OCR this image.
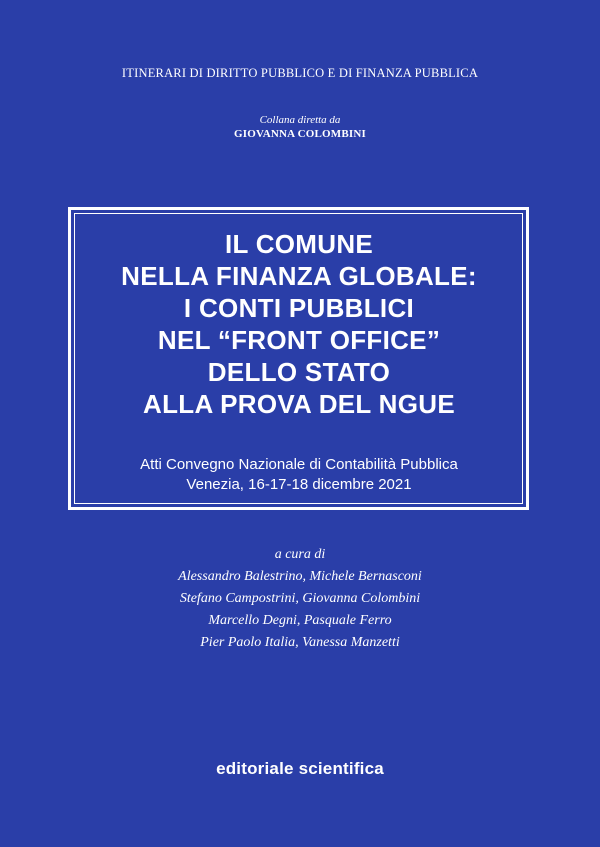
ITINERARI DI DIRITTO PUBBLICO E DI FINANZA PUBBLICA
Collana diretta da
GIOVANNA COLOMBINI
IL COMUNE
NELLA FINANZA GLOBALE:
I CONTI PUBBLICI
NEL “FRONT OFFICE”
DELLO STATO
ALLA PROVA DEL NGUE
Atti Convegno Nazionale di Contabilità Pubblica
Venezia, 16-17-18 dicembre 2021
a cura di
Alessandro Balestrino, Michele Bernasconi
Stefano Campostrini, Giovanna Colombini
Marcello Degni, Pasquale Ferro
Pier Paolo Italia, Vanessa Manzetti
editoriale scientifica
